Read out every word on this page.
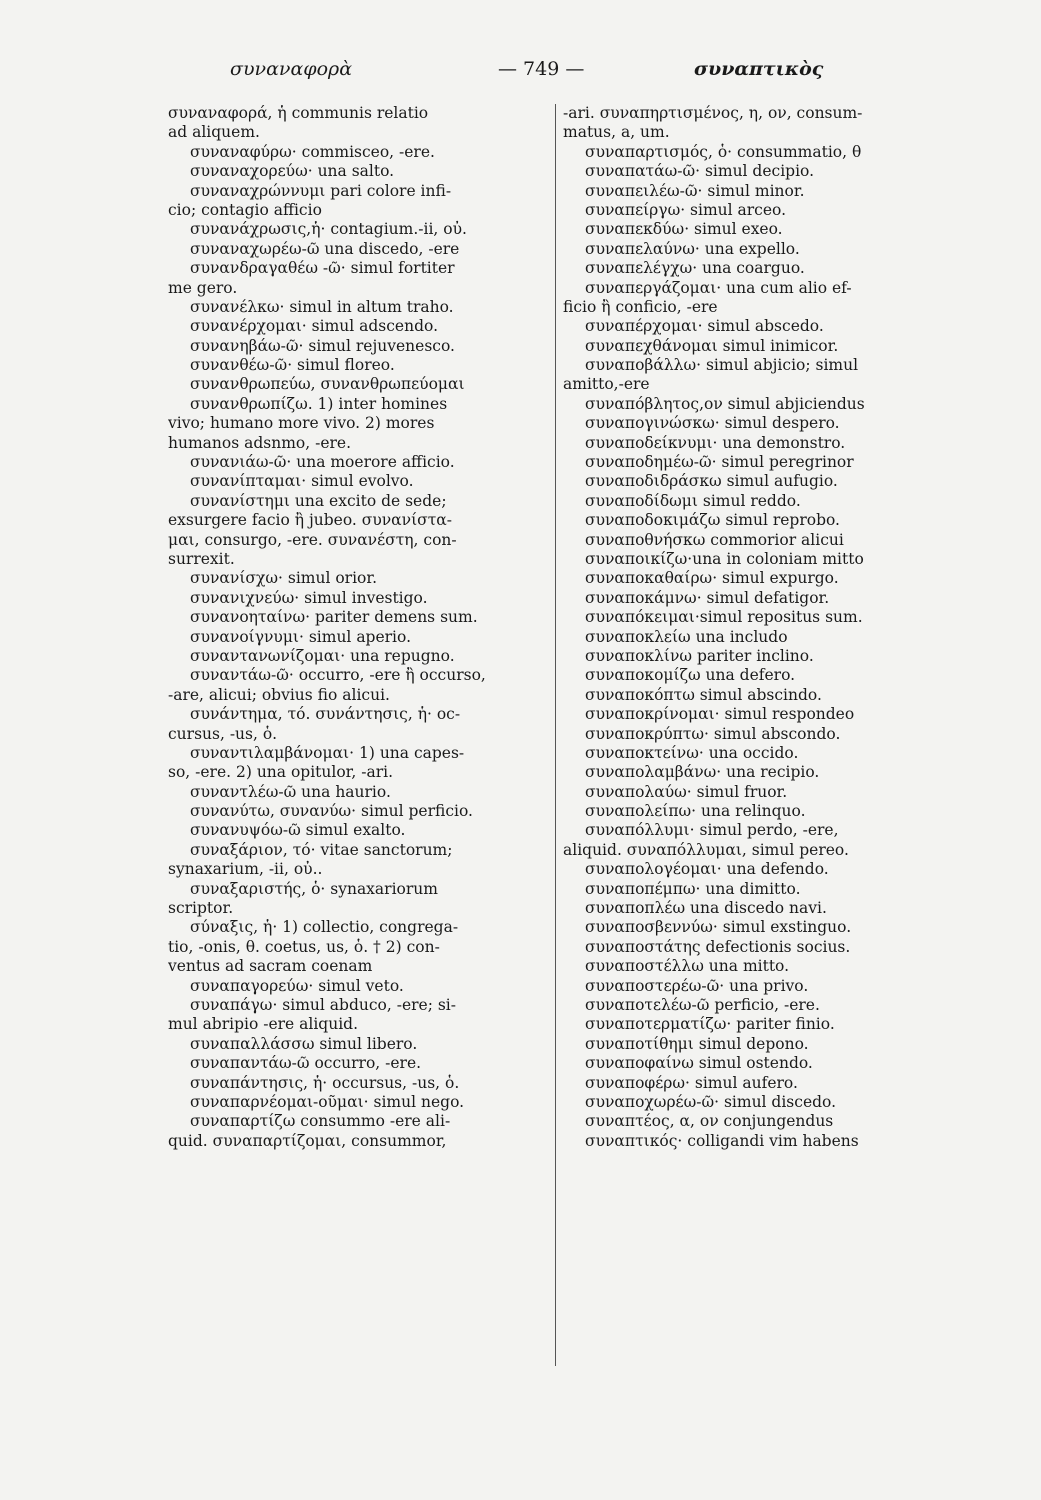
συναναφορὰ	— 749 —	συναπτικὸς
συναναφορά, ἡ communis relatio
ad aliquem.
συναναφύρω· commisceo, -ere.
συναναχορεύω· una salto.
συναναχρώννυμι pari colore infi-
cio; contagio afficio
συνανάχρωσις,ἡ· contagium.-ii, οὐ.
συναναχωρέω-ῶ una discedo, -ere
συνανδραγαθέω -ῶ· simul fortiter
me gero.
συνανέλκω· simul in altum traho.
συνανέρχομαι· simul adscendo.
συνανηβάω-ῶ· simul rejuvenesco.
συνανθέω-ῶ· simul floreo.
συνανθρωπεύω, συνανθρωπεύομαι
συνανθρωπίζω. 1) inter homines
vivo; humano more vivo. 2) mores
humanos adsnmo, -ere.
συνανιάω-ῶ· una moerore afficio.
συνανίπταμαι· simul evolvo.
συνανίστημι una excito de sede;
exsurgere facio ἢ jubeo. συνανίστα-
μαι, consurgo, -ere. συνανέστη, con-
surrexit.
συνανίσχω· simul orior.
συνανιχνεύω· simul investigo.
συνανοηταίνω· pariter demens sum.
συνανοίγνυμι· simul aperio.
συναντανωνίζομαι· una repugno.
συναντάω-ῶ· occurro, -ere ἢ occurso,
-are, alicui; obvius fio alicui.
συνάντημα, τό. συνάντησις, ἡ· oc-
cursus, -us, ὁ.
συναντιλαμβάνομαι· 1) una capes-
so, -ere. 2) una opitulor, -ari.
συναντλέω-ῶ una haurio.
συνανύτω, συνανύω· simul perficio.
συνανυψόω-ῶ simul exalto.
συναξάριον, τό· vitae sanctorum;
synaxarium, -ii, οὐ..
συναξαριστής, ὁ· synaxariorum
scriptor.
σύναξις, ἡ· 1) collectio, congrega-
tio, -onis, θ. coetus, us, ὁ. † 2) con-
ventus ad sacram coenam
συναπαγορεύω· simul veto.
συναπάγω· simul abduco, -ere; si-
mul abripio -ere aliquid.
συναπαλλάσσω simul libero.
συναπαντάω-ῶ occurro, -ere.
συναπάντησις, ἡ· occursus, -us, ὁ.
συναπαρνέομαι-οῦμαι· simul nego.
συναπαρτίζω consummo -ere ali-
quid. συναπαρτίζομαι, consummor,
-ari. συναπηρτισμένος, η, ον, consum-
matus, a, um.
συναπαρτισμός, ὁ· consummatio, θ
συναπατάω-ῶ· simul decipio.
συναπειλέω-ῶ· simul minor.
συναπείργω· simul arceo.
συναπεκδύω· simul exeo.
συναπελαύνω· una expello.
συναπελέγχω· una coarguo.
συναπεργάζομαι· una cum alio ef-
ficio ἢ conficio, -ere
συναπέρχομαι· simul abscedo.
συναπεχθάνομαι simul inimicor.
συναποβάλλω· simul abjicio; simul
amitto,-ere
συναπόβλητος,ον simul abjiciendus
συναπογινώσκω· simul despero.
συναποδείκνυμι· una demonstro.
συναποδημέω-ῶ· simul peregrinor
συναποδιδράσκω simul aufugio.
συναποδίδωμι simul reddo.
συναποδοκιμάζω simul reprobo.
συναποθνήσκω commorior alicui
συναποικίζω·una in coloniam mitto
συναποκαθαίρω· simul expurgo.
συναποκάμνω· simul defatigor.
συναπόκειμαι·simul repositus sum.
συναποκλείω una includo
συναποκλίνω pariter inclino.
συναποκομίζω una defero.
συναποκόπτω simul abscindo.
συναποκρίνομαι· simul respondeo
συναποκρύπτω· simul abscondo.
συναποκτείνω· una occido.
συναπολαμβάνω· una recipio.
συναπολαύω· simul fruor.
συναπολείπω· una relinquo.
συναπόλλυμι· simul perdo, -ere,
aliquid. συναπόλλυμαι, simul pereo.
συναπολογέομαι· una defendo.
συναποπέμπω· una dimitto.
συναποπλέω una discedo navi.
συναποσβεννύω· simul exstinguo.
συναποστάτης defectionis socius.
συναποστέλλω una mitto.
συναποστερέω-ῶ· una privo.
συναποτελέω-ῶ perficio, -ere.
συναποτερματίζω· pariter finio.
συναποτίθημι simul depono.
συναποφαίνω simul ostendo.
συναποφέρω· simul aufero.
συναποχωρέω-ῶ· simul discedo.
συναπτέος, α, ον conjungendus
συναπτικός· colligandi vim habens
